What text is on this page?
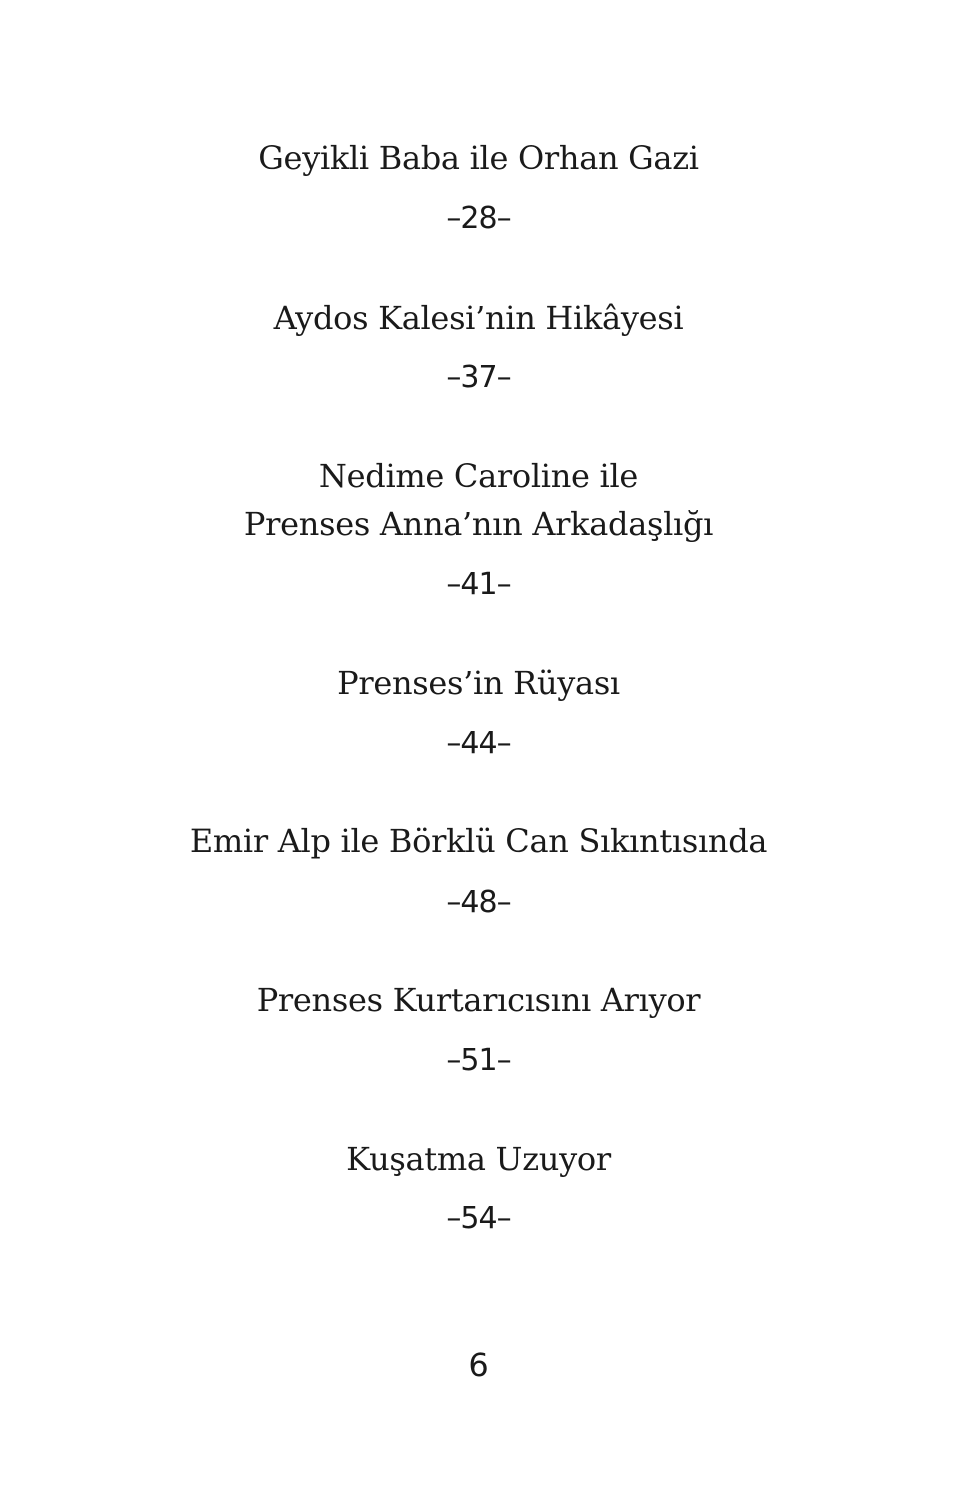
Geyikli Baba ile Orhan Gazi
–28–
Aydos Kalesi’nin Hikâyesi
–37–
Nedime Caroline ile
Prenses Anna’nın Arkadaşlığı
–41–
Prenses’in Rüyası
–44–
Emir Alp ile Börklü Can Sıkıntısında
–48–
Prenses Kurtarıcısını Arıyor
–51–
Kuşatma Uzuyor
–54–
6
